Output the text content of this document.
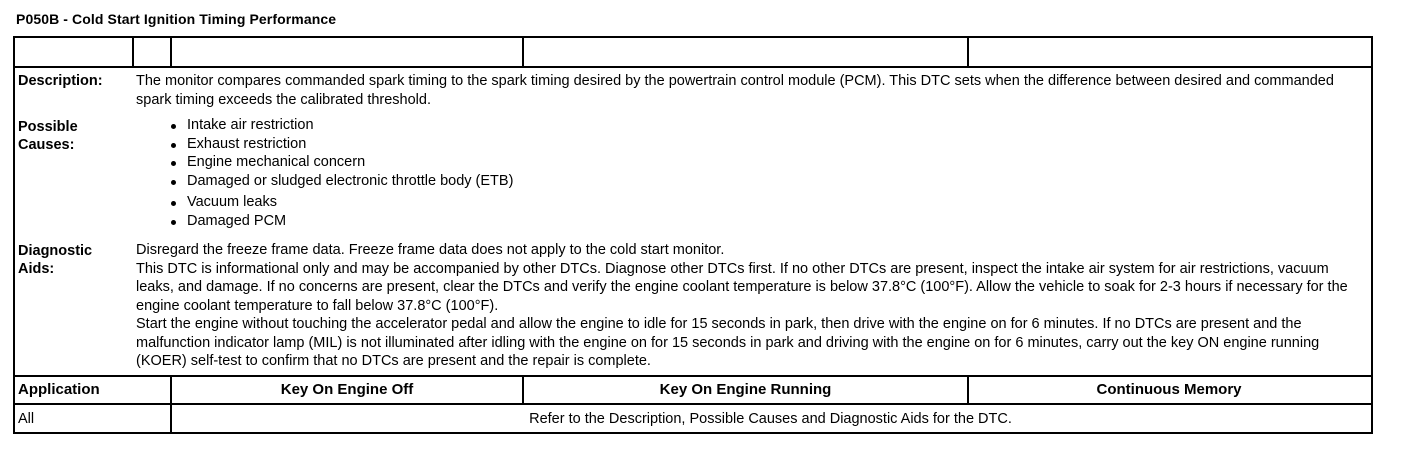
P050B - Cold Start Ignition Timing Performance
Description: The monitor compares commanded spark timing to the spark timing desired by the powertrain control module (PCM). This DTC sets when the difference between desired and commanded spark timing exceeds the calibrated threshold.

Possible
Causes:
Intake air restriction
Exhaust restriction
Engine mechanical concern
Damaged or sludged electronic throttle body (ETB)
Vacuum leaks
Damaged PCM
Diagnostic
Aids:

Disregard the freeze frame data. Freeze frame data does not apply to the cold start monitor.

This DTC is informational only and may be accompanied by other DTCs. Diagnose other DTCs first. If no other DTCs are present, inspect the intake air system for air restrictions, vacuum leaks, and damage. If no concerns are present, clear the DTCs and verify the engine coolant temperature is below 37.8°C (100°F). Allow the vehicle to soak for 2-3 hours if necessary for the engine coolant temperature to fall below 37.8°C (100°F).

Start the engine without touching the accelerator pedal and allow the engine to idle for 15 seconds in park, then drive with the engine on for 6 minutes. If no DTCs are present and the malfunction indicator lamp (MIL) is not illuminated after idling with the engine on for 15 seconds in park and driving with the engine on for 6 minutes, carry out the key ON engine running (KOER) self-test to confirm that no DTCs are present and the repair is complete.

Application	Key On Engine Off	Key On Engine Running	Continuous Memory
All	Refer to the Description, Possible Causes and Diagnostic Aids for the DTC.
